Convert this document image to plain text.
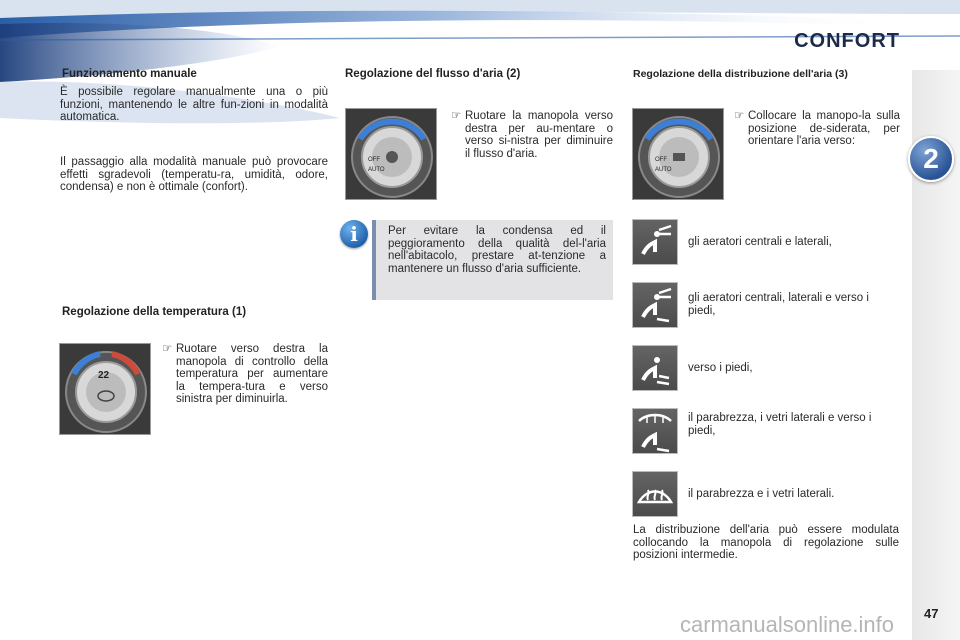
CONFORT
2
47
carmanualsonline.info
Funzionamento manuale

È possibile regolare manualmente una o più funzioni, mantenendo le altre fun-zioni in modalità automatica.

Il passaggio alla modalità manuale può provocare effetti sgradevoli (temperatu-ra, umidità, odore, condensa) e non è ottimale (confort).

Regolazione della temperatura (1)
22
☞ Ruotare verso destra la manopola di controllo della temperatura per aumentare la tempera-tura e verso sinistra per diminuirla.
Regolazione del flusso d'aria (2)
OFF
AUTO
☞ Ruotare la manopola verso destra per au-mentare o verso si-nistra per diminuire il flusso d'aria.
i	Per evitare la condensa ed il peggioramento della qualità del-l'aria nell'abitacolo, prestare at-tenzione a mantenere un flusso d'aria sufficiente.
Regolazione della distribuzione dell'aria (3)
OFF
AUTO
☞ Collocare la manopo-la sulla posizione de-siderata, per orientare l'aria verso:
gli aeratori centrali e laterali,
gli aeratori centrali, laterali e verso i piedi,
verso i piedi,
il parabrezza, i vetri laterali e verso i piedi,
il parabrezza e i vetri laterali.

La distribuzione dell'aria può essere modulata collocando la manopola di regolazione sulle posizioni intermedie.
